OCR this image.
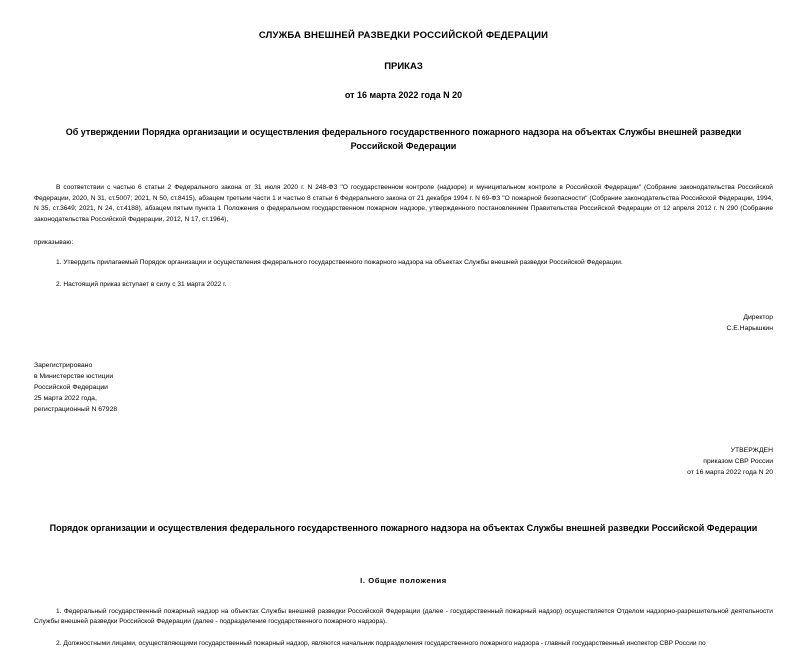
СЛУЖБА ВНЕШНЕЙ РАЗВЕДКИ РОССИЙСКОЙ ФЕДЕРАЦИИ
ПРИКАЗ
от 16 марта 2022 года N 20
Об утверждении Порядка организации и осуществления федерального государственного пожарного надзора на объектах Службы внешней разведки Российской Федерации
В соответствии с частью 6 статьи 2 Федерального закона от 31 июля 2020 г. N 248-ФЗ "О государственном контроле (надзоре) и муниципальном контроле в Российской Федерации" (Собрание законодательства Российской Федерации, 2020, N 31, ст.5007; 2021, N 50, ст.8415), абзацем третьим части 1 и частью 8 статьи 6 Федерального закона от 21 декабря 1994 г. N 69-ФЗ "О пожарной безопасности" (Собрание законодательства Российской Федерации, 1994, N 35, ст.3649; 2021, N 24, ст.4188), абзацем пятым пункта 1 Положения о федеральном государственном пожарном надзоре, утвержденного постановлением Правительства Российской Федерации от 12 апреля 2012 г. N 290 (Собрание законодательства Российской Федерации, 2012, N 17, ст.1964),
приказываю:
1. Утвердить прилагаемый Порядок организации и осуществления федерального государственного пожарного надзора на объектах Службы внешней разведки Российской Федерации.
2. Настоящий приказ вступает в силу с 31 марта 2022 г.
Директор
С.Е.Нарышкин
Зарегистрировано
в Министерстве юстиции
Российской Федерации
25 марта 2022 года,
регистрационный N 67928
УТВЕРЖДЕН
приказом СВР России
от 16 марта 2022 года N 20
Порядок организации и осуществления федерального государственного пожарного надзора на объектах Службы внешней разведки Российской Федерации
I. Общие положения
1. Федеральный государственный пожарный надзор на объектах Службы внешней разведки Российской Федерации (далее - государственный пожарный надзор) осуществляется Отделом надзорно-разрешительной деятельности Службы внешней разведки Российской Федерации (далее - подразделение государственного пожарного надзора).
2. Должностными лицами, осуществляющими государственный пожарный надзор, являются начальник подразделения государственного пожарного надзора - главный государственный инспектор СВР России по
